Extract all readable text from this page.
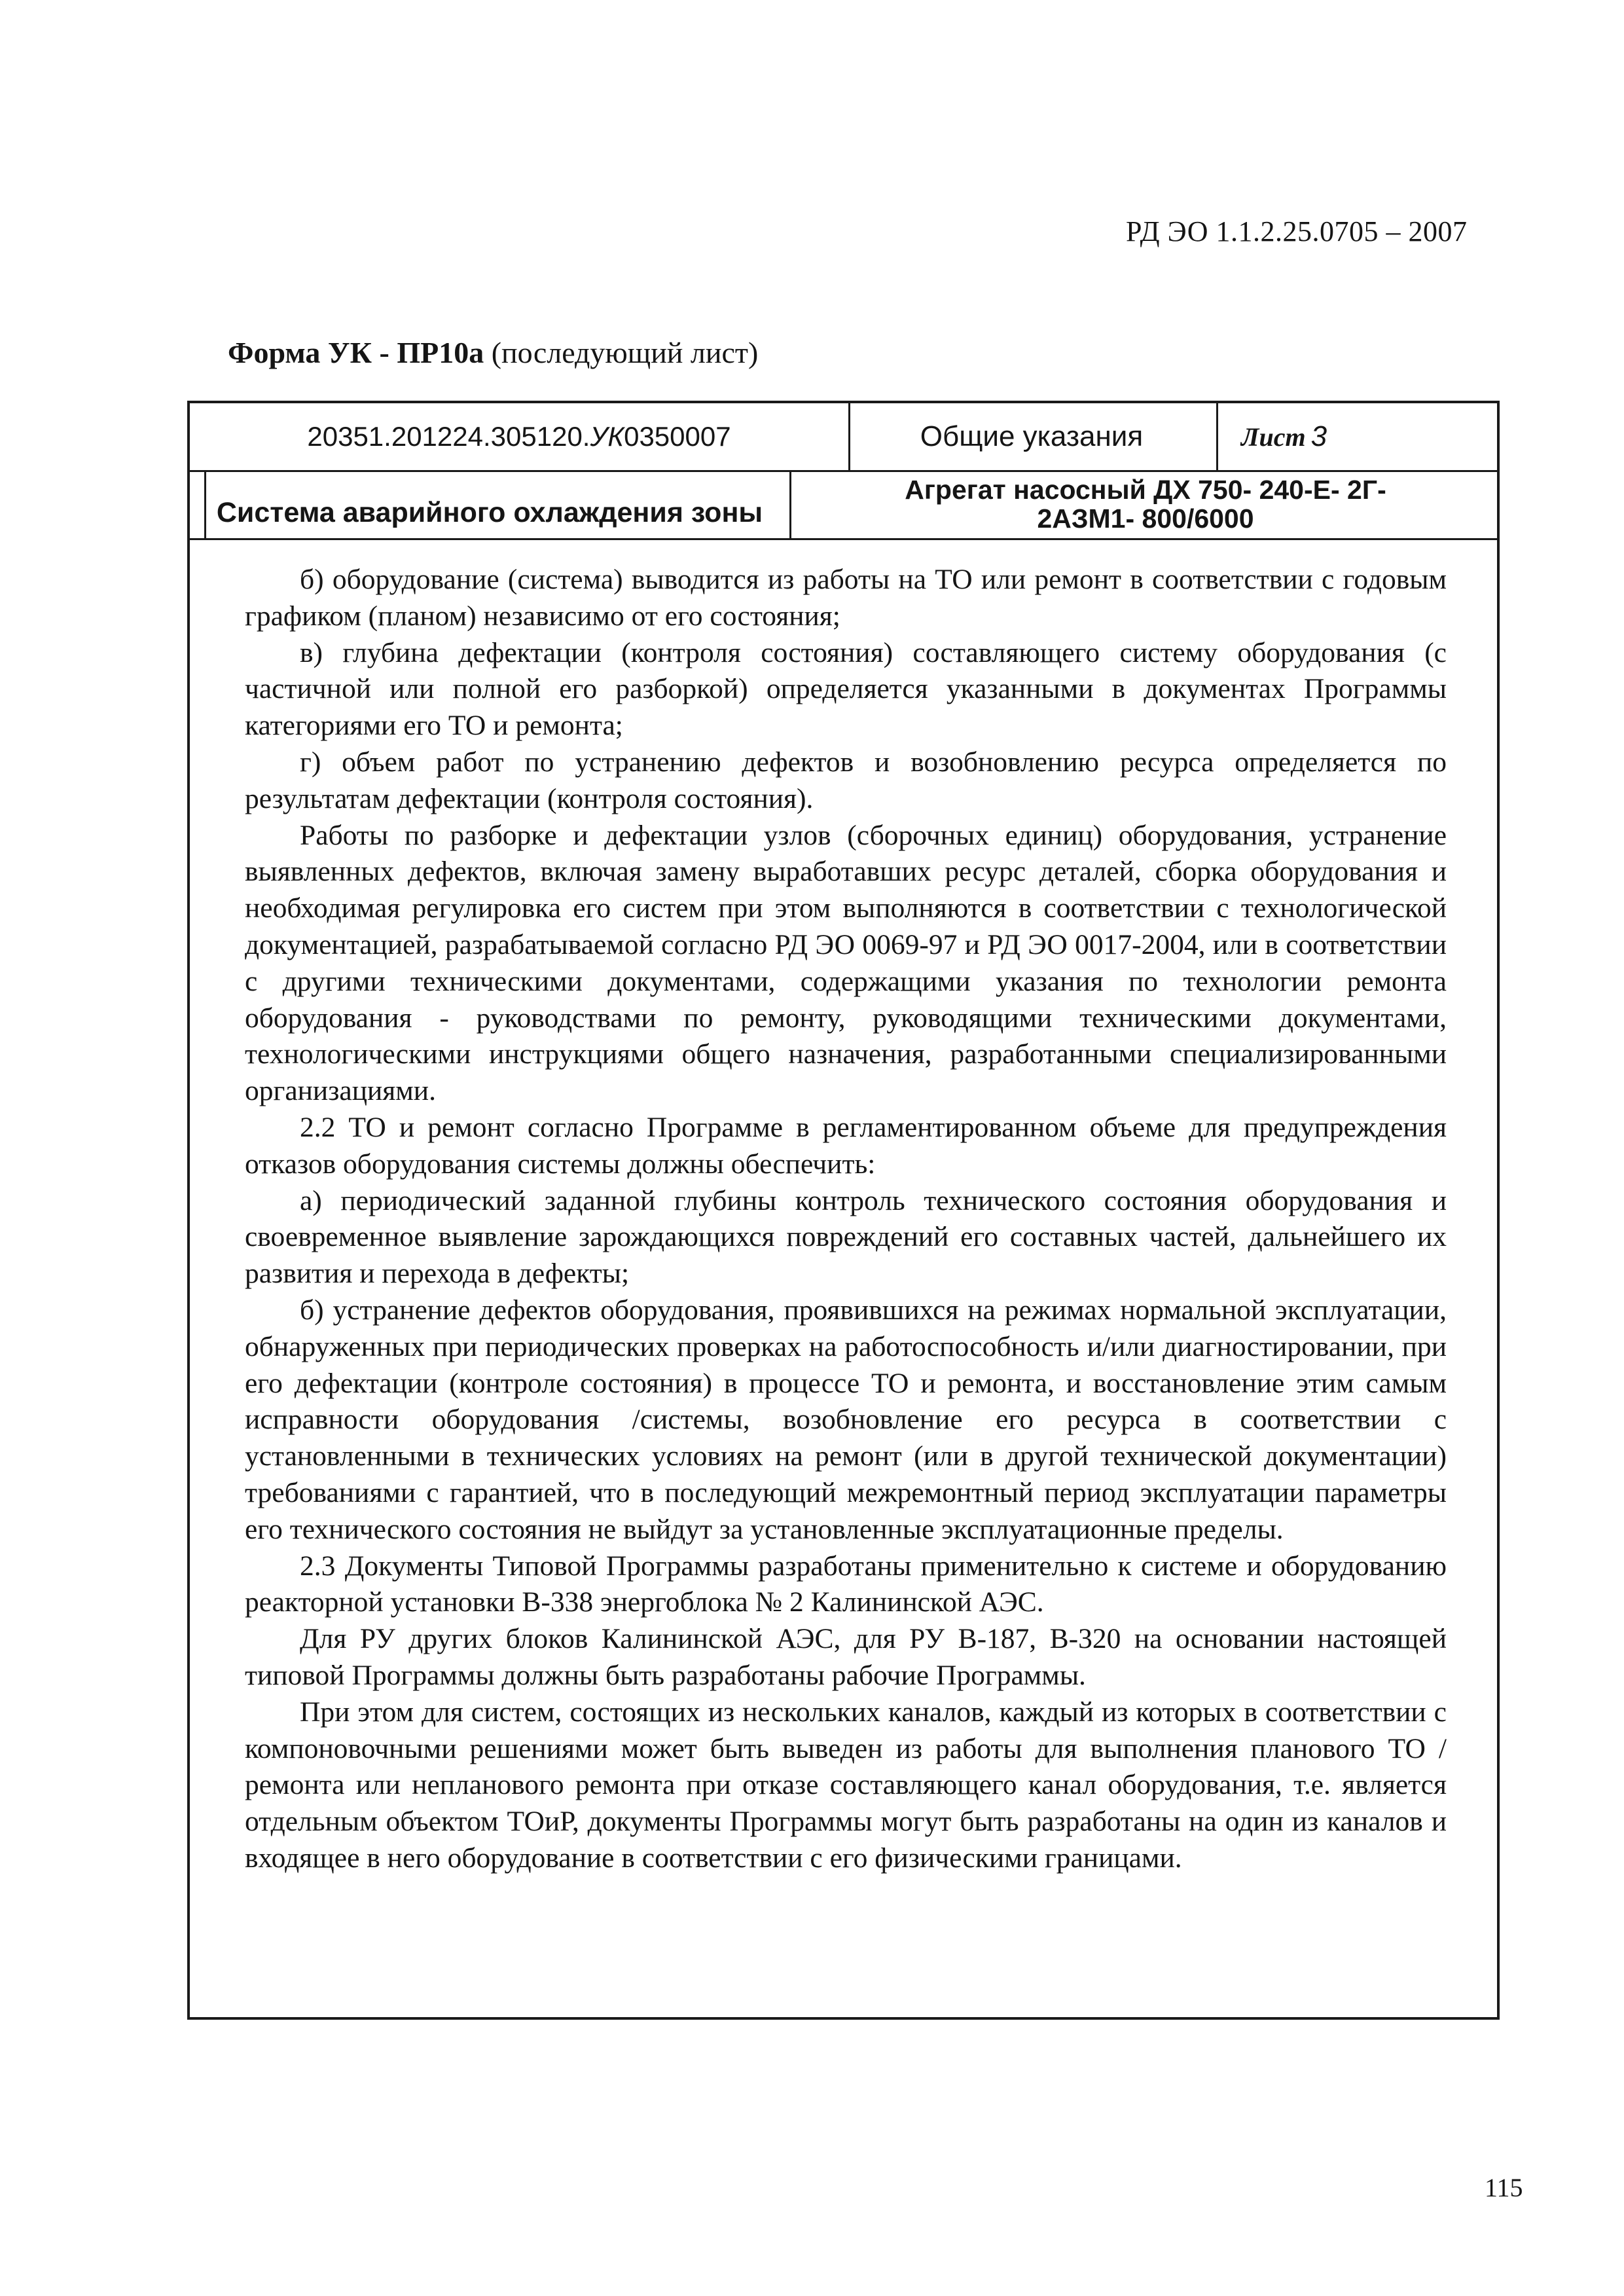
РД ЭО 1.1.2.25.0705 – 2007
Форма УК - ПР10а (последующий лист)
20351.201224.305120. УК 0350007	Общие указания	Лист 3
Система аварийного охлаждения зоны
Агрегат насосный ДХ 750- 240-Е- 2Г-
2АЗМ1- 800/6000

б) оборудование (система) выводится из работы на ТО или ремонт в соответствии с годовым графиком (планом) независимо от его состояния;

в) глубина дефектации (контроля состояния) составляющего систему оборудования (с частичной или полной его разборкой) определяется указанными в документах Программы категориями его ТО и ремонта;

г) объем работ по устранению дефектов и возобновлению ресурса определяется по результатам дефектации (контроля состояния).

Работы по разборке и дефектации узлов (сборочных единиц) оборудования, устранение выявленных дефектов, включая замену выработавших ресурс деталей, сборка оборудования и необходимая регулировка его систем при этом выполняются в соответствии с технологической документацией, разрабатываемой согласно РД ЭО 0069-97 и РД ЭО 0017-2004, или в соответствии с другими техническими документами, содержащими указания по технологии ремонта оборудования - руководствами по ремонту, руководящими техническими документами, технологическими инструкциями общего назначения, разработанными специализированными организациями.

2.2 ТО и ремонт согласно Программе в регламентированном объеме для предупреждения отказов оборудования системы должны обеспечить:

а) периодический заданной глубины контроль технического состояния оборудования и своевременное выявление зарождающихся повреждений его составных частей, дальнейшего их развития и перехода в дефекты;

б) устранение дефектов оборудования, проявившихся на режимах нормальной эксплуатации, обнаруженных при периодических проверках на работоспособность и/или диагностировании, при его дефектации (контроле состояния) в процессе ТО и ремонта, и восстановление этим самым исправности оборудования /системы, возобновление его ресурса в соответствии с установленными в технических условиях на ремонт (или в другой технической документации) требованиями с гарантией, что в последующий межремонтный период эксплуатации параметры его технического состояния не выйдут за установленные эксплуатационные пределы.

2.3 Документы Типовой Программы разработаны применительно к системе и оборудованию реакторной установки В-338 энергоблока № 2 Калининской АЭС.

Для РУ других блоков Калининской АЭС, для РУ В-187, В-320 на основании настоящей типовой Программы должны быть разработаны рабочие Программы.

При этом для систем, состоящих из нескольких каналов, каждый из которых в соответствии с компоновочными решениями может быть выведен из работы для выполнения планового ТО /ремонта или непланового ремонта при отказе составляющего канал оборудования, т.е. является отдельным объектом ТОиР, документы Программы могут быть разработаны на один из каналов и входящее в него оборудование в соответствии с его физическими границами.

115
